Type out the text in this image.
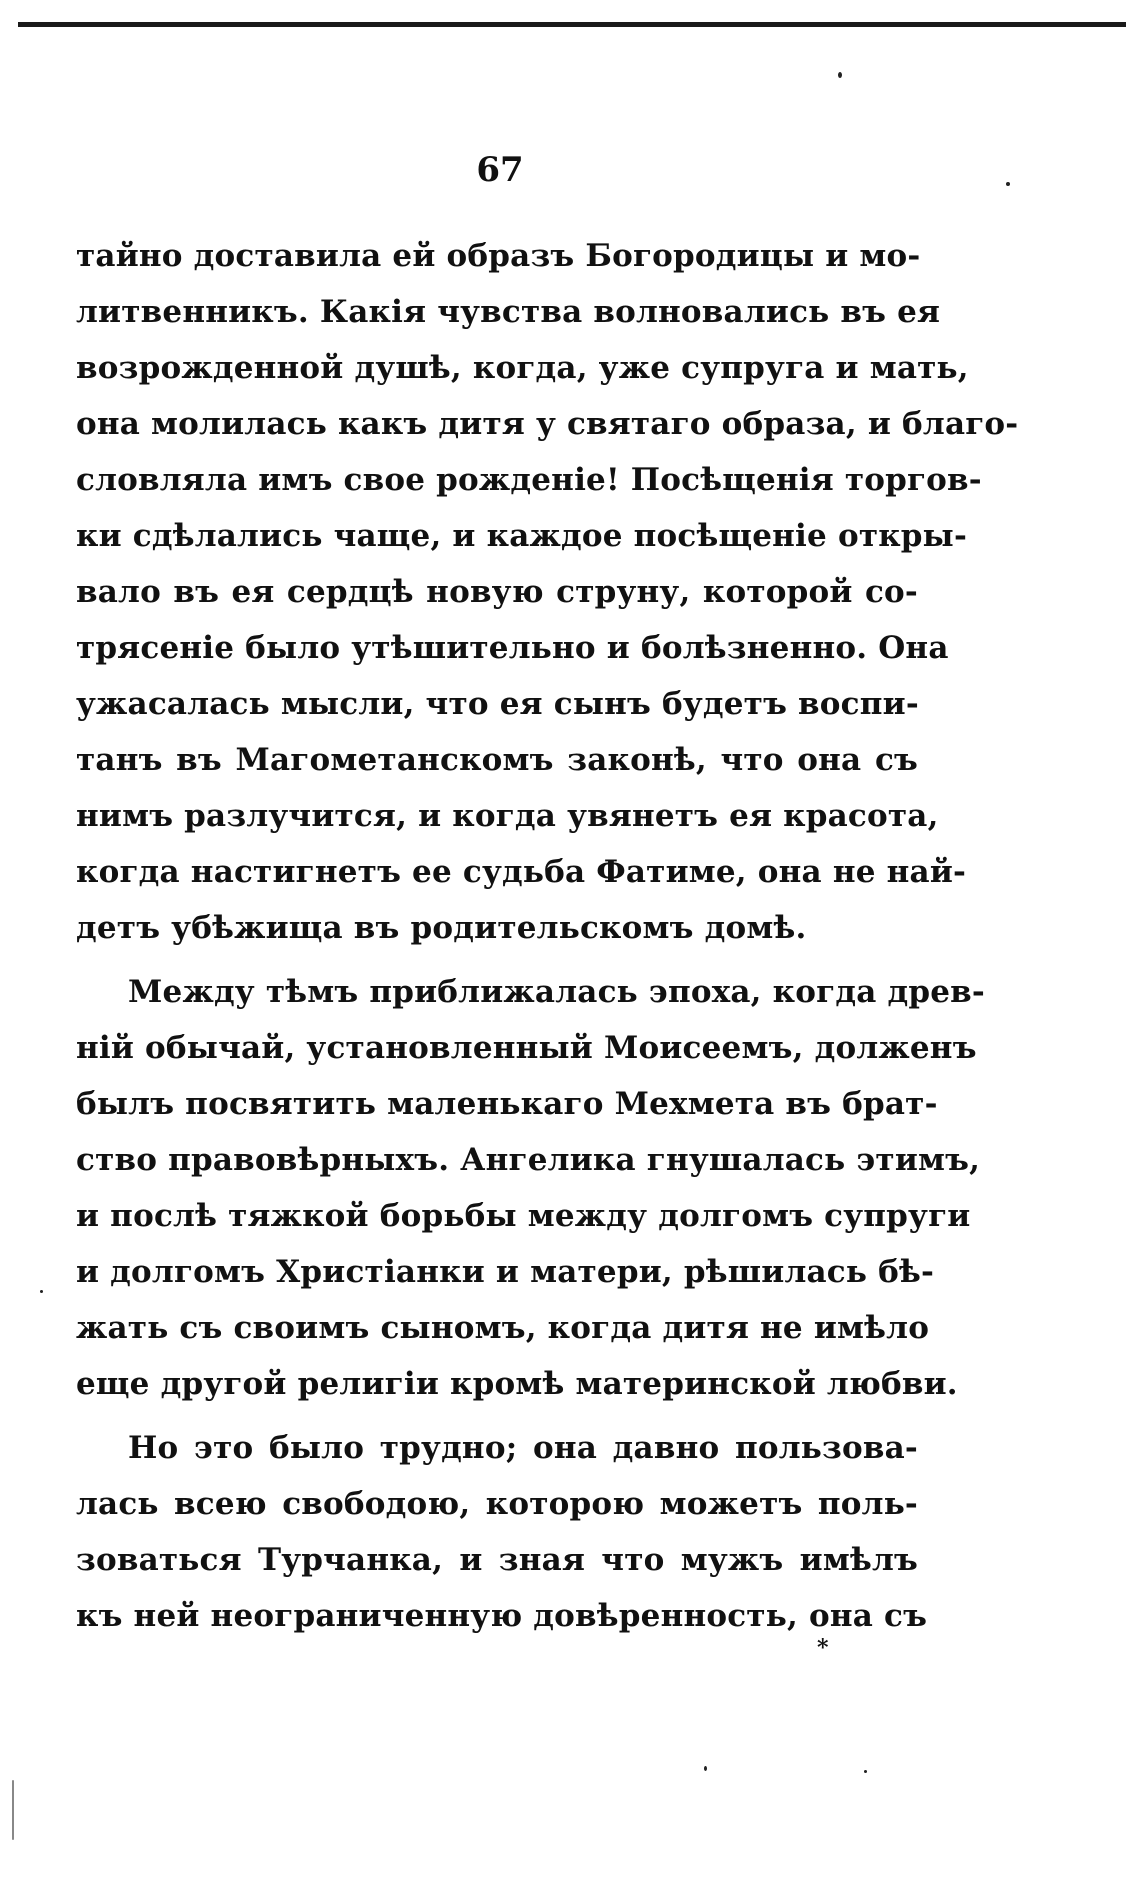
67

тайно доставила ей образъ Богородицы и мо-
литвенникъ. Какія чувства волновались въ ея
возрожденной душѣ, когда, уже супруга и мать,
она молилась какъ дитя у святаго образа, и благо-
словляла имъ свое рожденіе! Посѣщенія торгов-
ки сдѣлались чаще, и каждое посѣщеніе откры-
вало въ ея сердцѣ новую струну, которой со-
трясеніе было утѣшительно и болѣзненно. Она
ужасалась мысли, что ея сынъ будетъ воспи-
танъ въ Магометанскомъ законѣ, что она съ
нимъ разлучится, и когда увянетъ ея красота,
когда настигнетъ ее судьба Фатиме, она не най-
детъ убѣжища въ родительскомъ домѣ.

Между тѣмъ приближалась эпоха, когда древ-
ній обычай, установленный Моисеемъ, долженъ
былъ посвятить маленькаго Мехмета въ брат-
ство правовѣрныхъ. Ангелика гнушалась этимъ,
и послѣ тяжкой борьбы между долгомъ супруги
и долгомъ Христіанки и матери, рѣшилась бѣ-
жать съ своимъ сыномъ, когда дитя не имѣло
еще другой религіи кромѣ материнской любви.

Но это было трудно; она давно пользова-
лась всею свободою, которою можетъ поль-
зоваться Турчанка, и зная что мужъ имѣлъ
къ ней неограниченную довѣренность, она съ

*
